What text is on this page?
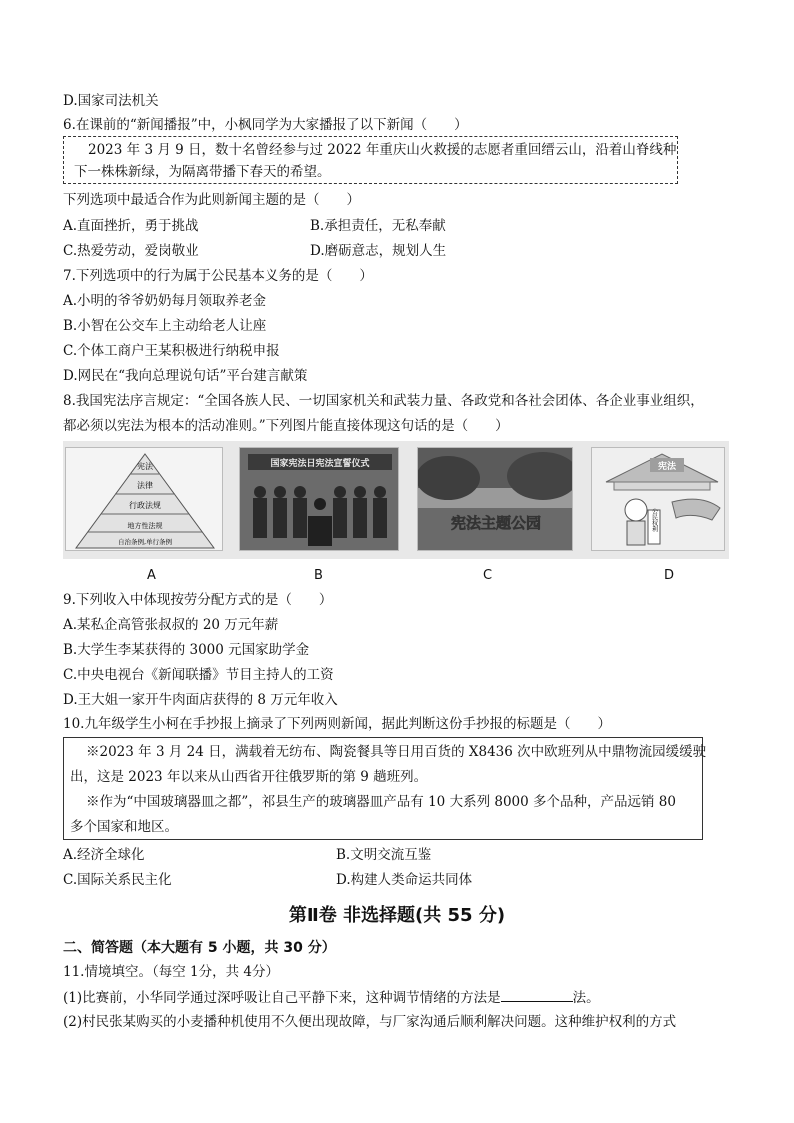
D.国家司法机关
6.在课前的“新闻播报”中，小枫同学为大家播报了以下新闻（　　）
2023 年 3 月 9 日，数十名曾经参与过 2022 年重庆山火救援的志愿者重回缙云山，沿着山脊线种
下一株株新绿，为隔离带播下春天的希望。
下列选项中最适合作为此则新闻主题的是（　　）
A.直面挫折，勇于挑战	B.承担责任，无私奉献
C.热爱劳动，爱岗敬业	D.磨砺意志，规划人生
7.下列选项中的行为属于公民基本义务的是（　　）
A.小明的爷爷奶奶每月领取养老金
B.小智在公交车上主动给老人让座
C.个体工商户王某积极进行纳税申报
D.网民在“我向总理说句话”平台建言献策
8.我国宪法序言规定：“全国各族人民、一切国家机关和武装力量、各政党和各社会团体、各企业事业组织，
都必须以宪法为根本的活动准则。”下列图片能直接体现这句话的是（　　）
宪法
法律
行政法规
地方性法规
自治条例,单行条例
国家宪法日宪法宣誓仪式
宪法主题公园
宪法
公民权利
A	B	C	D
9.下列收入中体现按劳分配方式的是（　　）
A.某私企高管张叔叔的 20 万元年薪
B.大学生李某获得的 3000 元国家助学金
C.中央电视台《新闻联播》节目主持人的工资
D.王大姐一家开牛肉面店获得的 8 万元年收入
10.九年级学生小柯在手抄报上摘录了下列两则新闻，据此判断这份手抄报的标题是（　　）
※2023 年 3 月 24 日，满载着无纺布、陶瓷餐具等日用百货的 X8436 次中欧班列从中鼎物流园缓缓驶
出，这是 2023 年以来从山西省开往俄罗斯的第 9 趟班列。
※作为“中国玻璃器皿之都”，祁县生产的玻璃器皿产品有 10 大系列 8000 多个品种，产品远销 80
多个国家和地区。
A.经济全球化	B.文明交流互鉴
C.国际关系民主化	D.构建人类命运共同体
第Ⅱ卷 非选择题(共 55 分)
二、简答题（本大题有 5 小题，共 30 分）
11.情境填空。（每空 1分，共 4分）
(1)比赛前，小华同学通过深呼吸让自己平静下来，这种调节情绪的方法是	法。
(2)村民张某购买的小麦播种机使用不久便出现故障，与厂家沟通后顺利解决问题。这种维护权利的方式
